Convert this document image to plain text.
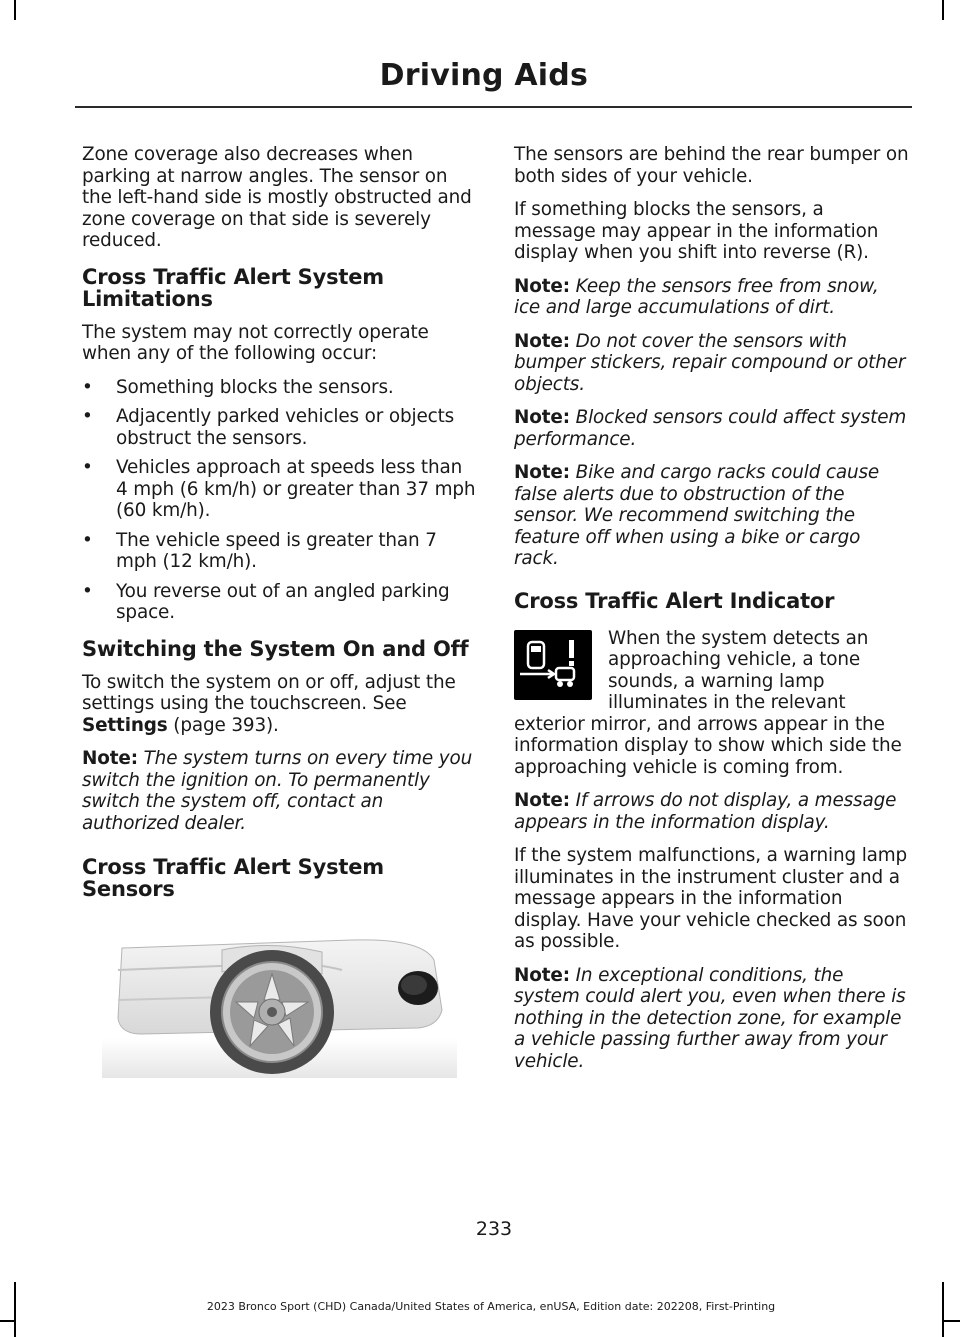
Driving Aids

Zone coverage also decreases when parking at narrow angles. The sensor on the left-hand side is mostly obstructed and zone coverage on that side is severely reduced.

Cross Traffic Alert System Limitations

The system may not correctly operate when any of the following occur:

• Something blocks the sensors.
• Adjacently parked vehicles or objects obstruct the sensors.
• Vehicles approach at speeds less than 4 mph (6 km/h) or greater than 37 mph (60 km/h).
• The vehicle speed is greater than 7 mph (12 km/h).
• You reverse out of an angled parking space.
Switching the System On and Off

To switch the system on or off, adjust the settings using the touchscreen. See
Settings (page 393).

Note: The system turns on every time you switch the ignition on. To permanently switch the system off, contact an authorized dealer.

Cross Traffic Alert System Sensors

The sensors are behind the rear bumper on both sides of your vehicle.

If something blocks the sensors, a message may appear in the information display when you shift into reverse (R).

Note: Keep the sensors free from snow, ice and large accumulations of dirt.

Note: Do not cover the sensors with bumper stickers, repair compound or other objects.

Note: Blocked sensors could affect system performance.

Note: Bike and cargo racks could cause false alerts due to obstruction of the sensor. We recommend switching the feature off when using a bike or cargo rack.

Cross Traffic Alert Indicator

When the system detects an approaching vehicle, a tone sounds, a warning lamp illuminates in the relevant exterior mirror, and arrows appear in the information display to show which side the approaching vehicle is coming from.

Note: If arrows do not display, a message appears in the information display.

If the system malfunctions, a warning lamp illuminates in the instrument cluster and a message appears in the information display. Have your vehicle checked as soon as possible.

Note: In exceptional conditions, the system could alert you, even when there is nothing in the detection zone, for example a vehicle passing further away from your vehicle.

233
2023 Bronco Sport (CHD) Canada/United States of America, enUSA, Edition date: 202208, First-Printing
